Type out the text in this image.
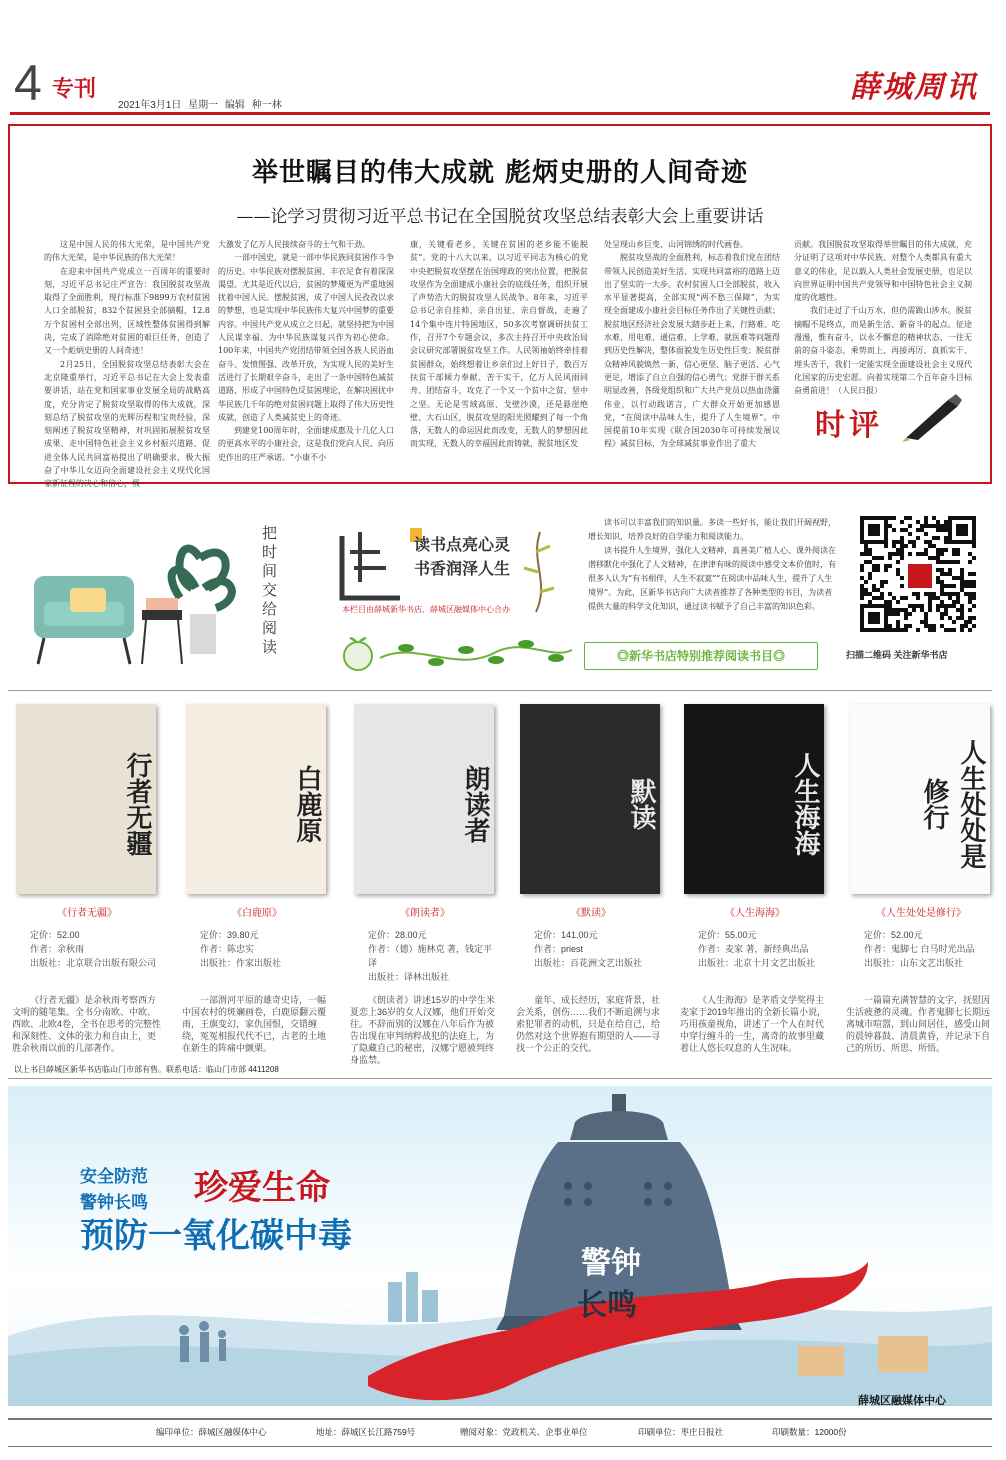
4 专刊
2021年3月1日 星期一 编辑 种一林
薛城周讯
举世瞩目的伟大成就 彪炳史册的人间奇迹
——论学习贯彻习近平总书记在全国脱贫攻坚总结表彰大会上重要讲话

这是中国人民的伟大光荣，是中国共产党的伟大光荣，是中华民族的伟大光荣！

在迎来中国共产党成立一百周年的重要时刻，习近平总书记庄严宣告：我国脱贫攻坚战取得了全面胜利，现行标准下9899万农村贫困人口全部脱贫，832个贫困县全部摘帽，12.8万个贫困村全部出列，区域性整体贫困得到解决，完成了消除绝对贫困的艰巨任务，创造了又一个彪炳史册的人间奇迹！

2月25日，全国脱贫攻坚总结表彰大会在北京隆重举行，习近平总书记在大会上发表重要讲话，站在党和国家事业发展全局的战略高度，充分肯定了脱贫攻坚取得的伟大成就，深刻总结了脱贫攻坚的光辉历程和宝贵经验，深刻阐述了脱贫攻坚精神，对巩固拓展脱贫攻坚成果、走中国特色社会主义乡村振兴道路、促进全体人民共同富裕提出了明确要求，极大振奋了中华儿女迈向全面建设社会主义现代化国家新征程的决心和信心，极

大激发了亿万人民接续奋斗的士气和干劲。

一部中国史，就是一部中华民族同贫困作斗争的历史。中华民族对摆脱贫困、丰衣足食有着深深渴望。尤其是近代以后，贫困的梦魇更为严重地困扰着中国人民。摆脱贫困，成了中国人民孜孜以求的梦想，也是实现中华民族伟大复兴中国梦的重要内容。中国共产党从成立之日起，就坚持把为中国人民谋幸福、为中华民族谋复兴作为初心使命。100年来，中国共产党团结带领全国各族人民浴血奋斗、发愤图强、改革开放，为实现人民的美好生活进行了长期艰辛奋斗，走出了一条中国特色减贫道路，形成了中国特色反贫困理论，在解决困扰中华民族几千年的绝对贫困问题上取得了伟大历史性成就，创造了人类减贫史上的奇迹。

到建党100周年时，全面建成惠及十几亿人口的更高水平的小康社会，这是我们党向人民、向历史作出的庄严承诺。“小康不小

康，关键看老乡，关键在贫困的老乡能不能脱贫”。党的十八大以来，以习近平同志为核心的党中央把脱贫攻坚摆在治国理政的突出位置，把脱贫攻坚作为全面建成小康社会的底线任务，组织开展了声势浩大的脱贫攻坚人民战争。8年来，习近平总书记亲自挂帅、亲自出征、亲自督战，走遍了14个集中连片特困地区，50多次考察调研扶贫工作，召开7个专题会议，多次主持召开中央政治局会议研究部署脱贫攻坚工作。人民领袖始终牵挂着贫困群众，始终想着让乡亲们过上好日子，数百万扶贫干部倾力奉献、苦干实干，亿万人民风雨同舟、团结奋斗，攻克了一个又一个贫中之贫、坚中之坚。无论是雪域高原、戈壁沙漠，还是悬崖绝壁、大石山区，脱贫攻坚的阳光照耀到了每一个角落，无数人的命运因此而改变，无数人的梦想因此而实现，无数人的幸福因此而铸就，脱贫地区发

处呈现山乡巨变、山河锦绣的时代画卷。

脱贫攻坚战的全面胜利，标志着我们党在团结带领人民创造美好生活、实现共同富裕的道路上迈出了坚实的一大步。农村贫困人口全部脱贫，收入水平显著提高，全部实现“两不愁三保障”，为实现全面建成小康社会目标任务作出了关键性贡献；脱贫地区经济社会发展大踏步赶上来，行路难、吃水难、用电难、通信难、上学难、就医难等问题得到历史性解决，整体面貌发生历史性巨变；脱贫群众精神风貌焕然一新，信心更坚、脑子更活、心气更足，增添了自立自强的信心勇气；党群干群关系明显改善，各级党组织和广大共产党员以热血浇灌伟业，以行动践诺言，广大群众开始更加感恩党，“在阅读中品味人生，提升了人生境界”。中国提前10年实现《联合国2030年可持续发展议程》减贫目标，为全球减贫事业作出了重大

贡献。我国脱贫攻坚取得举世瞩目的伟大成就，充分证明了这项对中华民族、对整个人类都具有重大意义的伟业，足以载入人类社会发展史册，也足以向世界证明中国共产党领导和中国特色社会主义制度的优越性。

我们走过了千山万水，但仍需跋山涉水。脱贫摘帽不是终点，而是新生活、新奋斗的起点。征途漫漫，惟有奋斗，以永不懈怠的精神状态、一往无前的奋斗姿态，乘势而上、再接再厉、真抓实干、埋头苦干，我们一定能实现全面建设社会主义现代化国家的历史宏愿。向着实现第二个百年奋斗目标奋勇前进！（人民日报）

时评
把时间交给阅读
读书点亮心灵
书香润泽人生
本栏目由薛城新华书店、薛城区融媒体中心合办

读书可以丰富我们的知识量。多读一些好书，能让我们开阔视野，增长知识，培养良好的自学能力和阅读能力。

读书提升人生境界，强化人文精神，真善美广植人心、课外阅读在潜移默化中强化了人文精神，在津津有味的阅读中感受文本价值时，有很多人认为“有书相伴，人生不寂寞”“在阅读中品味人生，提升了人生境界”。为此，区新华书店向广大读者推荐了各种类型的书目，为读者提供大量的科学文化知识，通过读书赋予了自己丰富的知识色彩。

◎新华书店特别推荐阅读书目◎	扫描二维码 关注新华书店
行者无疆
《行者无疆》
定价：52.00
作者：余秋雨
出版社：北京联合出版有限公司
《行者无疆》是余秋雨考察西方文明的随笔集。全书分南欧、中欧、西欧、北欧4卷，全书在思考的完整性和深刻性、文体的张力和自由上，更胜余秋雨以前的几部著作。
白鹿原
《白鹿原》
定价：39.80元
作者：陈忠实
出版社：作家出版社
一部渭河平原的雄奇史诗，一幅中国农村的斑斓画卷，白鹿原翻云覆雨，王旗变幻，家仇国恨，交错缠绕，冤冤相报代代不已，古老的土地在新生的阵痛中颤栗。
朗读者
《朗读者》
定价：28.00元
作者：（德）施林克 著，钱定平 译
出版社：译林出版社
《朗读者》讲述15岁的中学生米夏恋上36岁的女人汉娜，他们开始交往。不辞而别的汉娜在八年后作为被告出现在审判纳粹战犯的法庭上，为了隐藏自己的秘密，汉娜宁愿被判终身监禁。
默读
《默读》
定价：141.00元
作者：priest
出版社：百花洲文艺出版社
童年、成长经历，家庭背景，社会关系，创伤……我们不断追溯与求索犯罪者的动机，只是在给自己，给仍然对这个世界抱有期望的人——寻找一个公正的交代。
人生海海
《人生海海》
定价：55.00元
作者：麦家 著，新经典出品
出版社：北京十月文艺出版社
《人生海海》是茅盾文学奖得主麦家于2019年推出的全新长篇小说，巧用孩童视角，讲述了一个人在时代中穿行缠斗的一生，离奇的故事里藏着让人悠长叹息的人生况味。
人生处处是修行
《人生处处是修行》
定价：52.00元
作者：鬼脚七 白马时光出品
出版社：山东文艺出版社
一篇篇充满智慧的文字，抚慰因生活疲惫的灵魂。作者鬼脚七长期远离城市喧嚣，到山间居住，感受山间的晨钟暮鼓、清晨黄昏，并记录下自己的所历、所思、所悟。
以上书目薛城区新华书店临山门市部有售。联系电话：临山门市部 4411208
安全防范
警钟长鸣 珍爱生命
预防一氧化碳中毒
警钟
长鸣
薛城区融媒体中心
编印单位：薛城区融媒体中心	地址：薛城区长江路759号	赠阅对象：党政机关、企事业单位	印刷单位：枣庄日报社	印刷数量：12000份
